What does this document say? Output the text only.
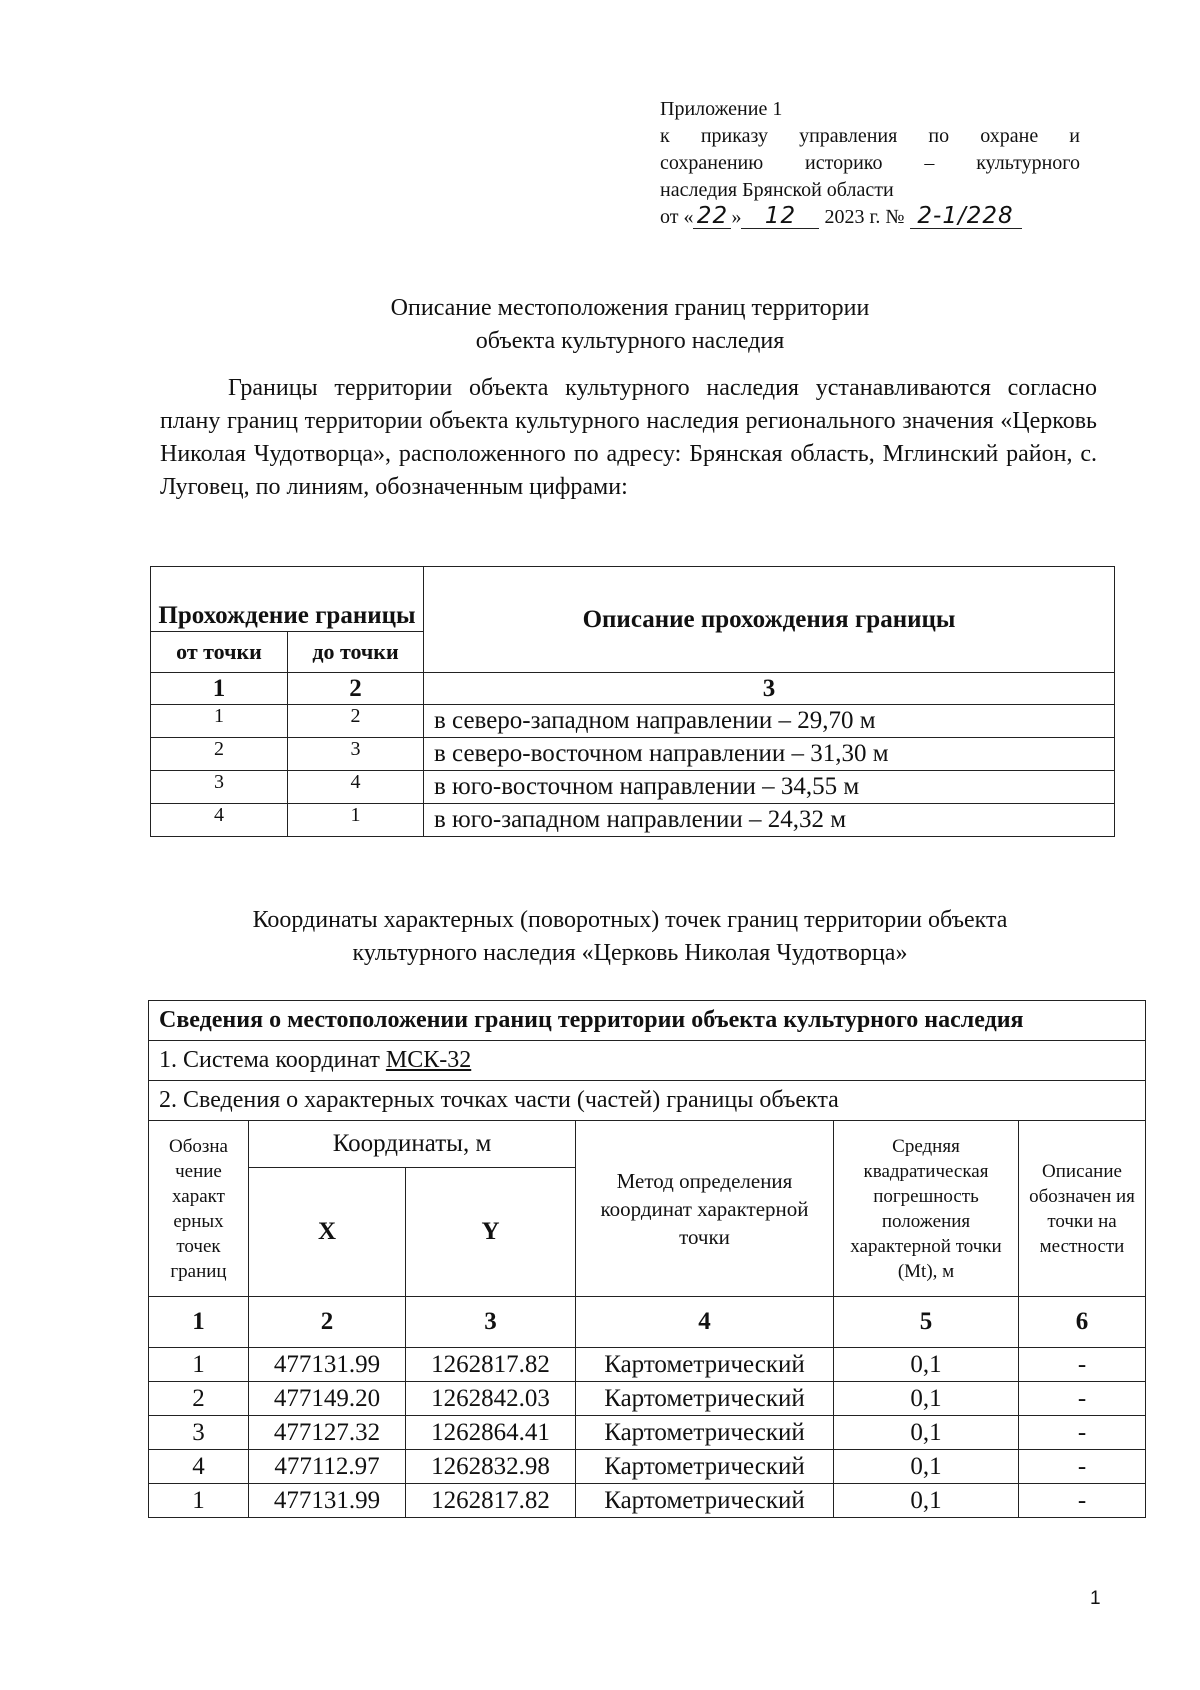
Приложение 1
к приказу управления по охране и
сохранению историко – культурного
наследия Брянской области
от « 22 » 12 2023 г. № 2-1/228
Описание местоположения границ территории
объекта культурного наследия
Границы территории объекта культурного наследия устанавливаются согласно плану границ территории объекта культурного наследия регионального значения «Церковь Николая Чудотворца», расположенного по адресу: Брянская область, Мглинский район, с. Луговец, по линиям, обозначенным цифрами:
Прохождение границы		Описание прохождения границы
от точки	до точки	
1	2	3
1	2	в северо-западном направлении – 29,70 м
2	3	в северо-восточном направлении – 31,30 м
3	4	в юго-восточном направлении – 34,55 м
4	1	в юго-западном направлении – 24,32 м
Координаты характерных (поворотных) точек границ территории объекта
культурного наследия «Церковь Николая Чудотворца»
Сведения о местоположении границ территории объекта культурного наследия					
1. Система координат МСК-32					
2. Сведения о характерных точках части (частей) границы объекта					
Обозна чение характ ерных точек границ	Координаты, м		Метод определения координат характерной точки	Средняя квадратическая погрешность положения характерной точки (Mt), м	Описание обозначен ия точки на местности
	X	Y			
1	2	3	4	5	6
1	477131.99	1262817.82	Картометрический	0,1	-
2	477149.20	1262842.03	Картометрический	0,1	-
3	477127.32	1262864.41	Картометрический	0,1	-
4	477112.97	1262832.98	Картометрический	0,1	-
1	477131.99	1262817.82	Картометрический	0,1	-
1
